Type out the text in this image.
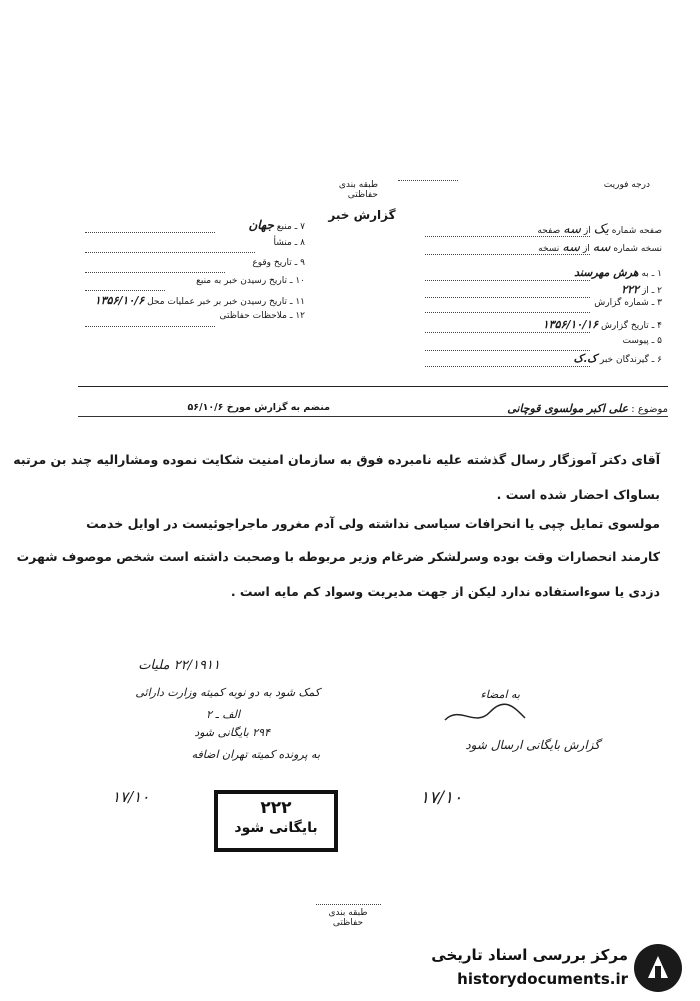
طبقه بندی حفاظتی
درجه فوریت
گزارش خبر
صفحه شماره یک از سه صفحه
نسخه شماره سه از سه نسخه
۱ ـ به هرش مهرسند
۲ ـ از ۲۲۲
۳ ـ شماره گزارش
۴ ـ تاریخ گزارش ۱۳۵۶/۱۰/۱۶
۵ ـ پیوست
۶ ـ گیرندگان خبر ک.ک
۷ ـ منبع جهان
۸ ـ منشأ
۹ ـ تاریخ وقوع
۱۰ ـ تاریخ رسیدن خبر به منبع
۱۱ ـ تاریخ رسیدن خبر بر خبر عملیات محل ۱۳۵۶/۱۰/۶
۱۲ ـ ملاحظات حفاظتی
موضوع : علی اکبر مولسوی قوچانی
منضم به گزارش مورخ ۵۶/۱۰/۶
آقای دکتر آموزگار رسال گذشته علیه نامبرده فوق به سازمان امنیت شکایت نموده ومشارالیه چند بن مرتبه
بساواک احضار شده است .
مولسوی تمایل چپی یا انحرافات سیاسی نداشته ولی آدم مغرور ماجراجوئیست در اوایل خدمت
کارمند انحصارات وقت بوده وسرلشکر ضرغام وزیر مربوطه با وصحبت داشته است شخص موصوف شهرت
دزدی یا سوءاستفاده ندارد لیکن از جهت مدیریت وسواد کم مایه است .
۲۲/۱۹۱۱ ملیات
کمک شود به دو نوبه کمیته وزارت دارائی
الف ـ ۲
۲۹۴ بایگانی شود
به پرونده کمیته تهران اضافه
۱۷/۱۰
به امضاء
گزارش بایگانی ارسال شود
۱۷/۱۰
۲۲۲
بایگانی شود
طبقه بندی حفاظتی
مرکز بررسی اسناد تاریخی
historydocuments.ir
